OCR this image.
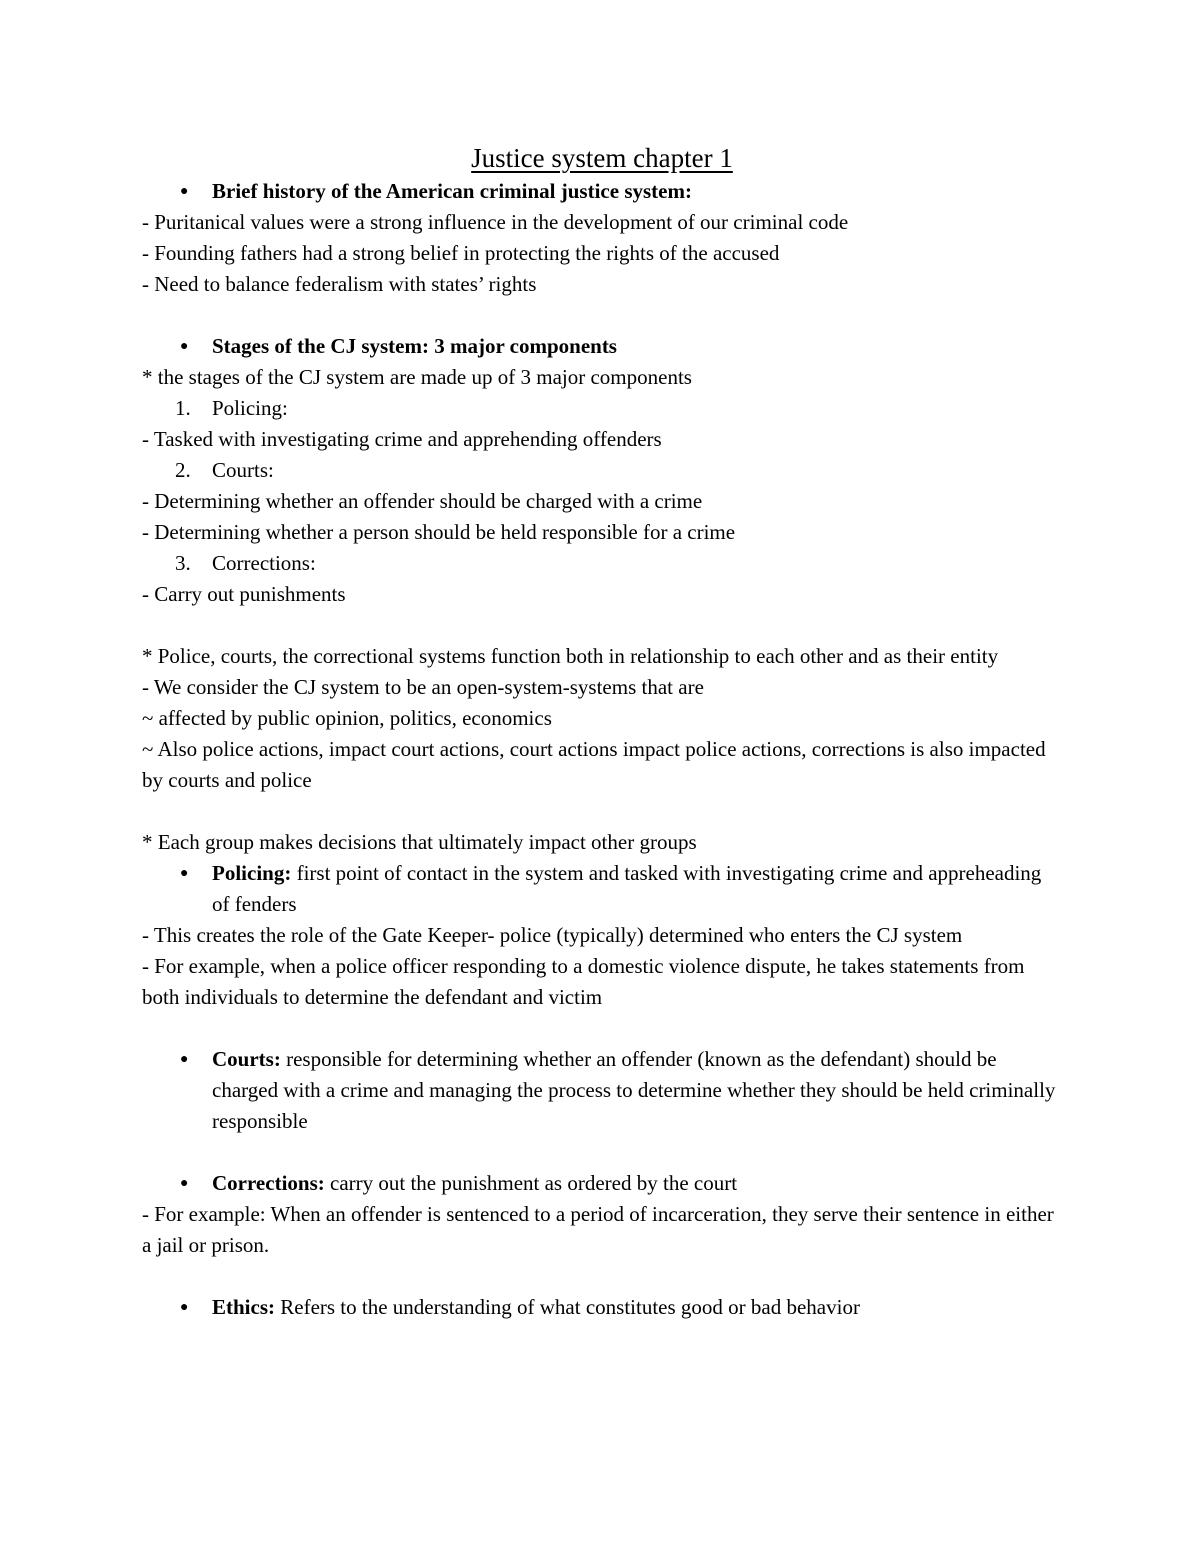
Justice system chapter 1
● Brief history of the American criminal justice system:
- Puritanical values were a strong influence in the development of our criminal code
- Founding fathers had a strong belief in protecting the rights of the accused
- Need to balance federalism with states’ rights
● Stages of the CJ system: 3 major components
* the stages of the CJ system are made up of 3 major components
1. Policing:
- Tasked with investigating crime and apprehending offenders
2. Courts:
- Determining whether an offender should be charged with a crime
- Determining whether a person should be held responsible for a crime
3. Corrections:
- Carry out punishments
* Police, courts, the correctional systems function both in relationship to each other and as their entity
- We consider the CJ system to be an open-system-systems that are
~ affected by public opinion, politics, economics
~ Also police actions, impact court actions, court actions impact police actions, corrections is also impacted by courts and police
* Each group makes decisions that ultimately impact other groups
● Policing: first point of contact in the system and tasked with investigating crime and appreheading of fenders
- This creates the role of the Gate Keeper- police (typically) determined who enters the CJ system
- For example, when a police officer responding to a domestic violence dispute, he takes statements from both individuals to determine the defendant and victim
● Courts: responsible for determining whether an offender (known as the defendant) should be charged with a crime and managing the process to determine whether they should be held criminally responsible
● Corrections: carry out the punishment as ordered by the court
- For example: When an offender is sentenced to a period of incarceration, they serve their sentence in either a jail or prison.
● Ethics: Refers to the understanding of what constitutes good or bad behavior
